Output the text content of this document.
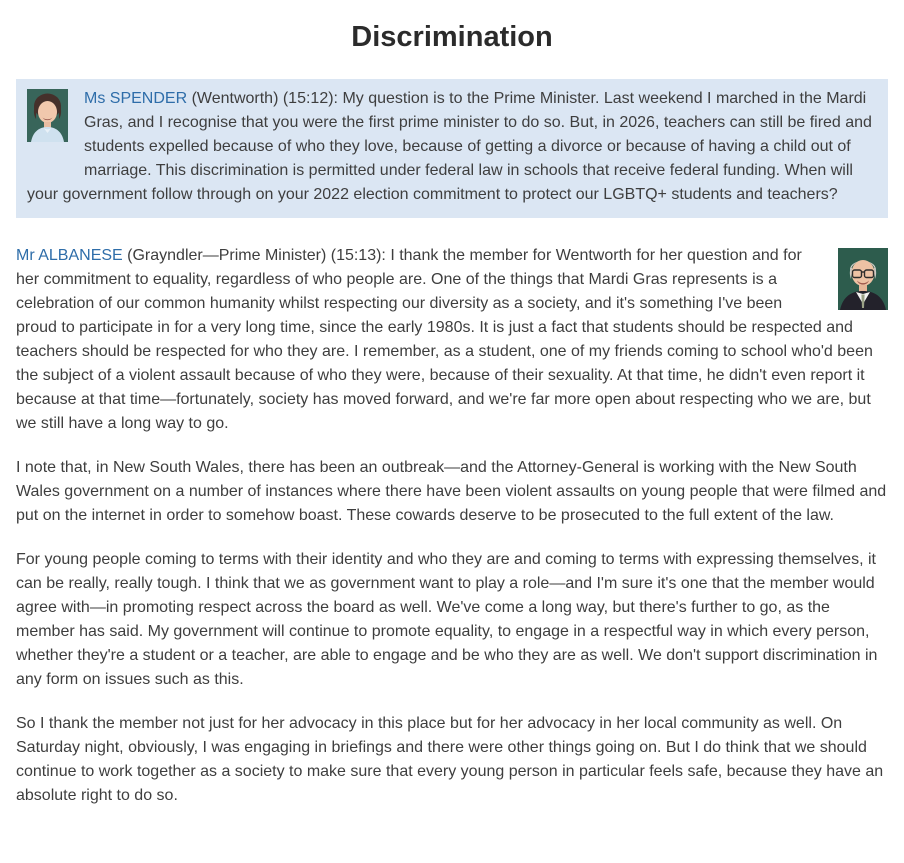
Discrimination

Ms SPENDER (Wentworth) (15:12): My question is to the Prime Minister. Last weekend I marched in the Mardi Gras, and I recognise that you were the first prime minister to do so. But, in 2026, teachers can still be fired and students expelled because of who they love, because of getting a divorce or because of having a child out of marriage. This discrimination is permitted under federal law in schools that receive federal funding. When will your government follow through on your 2022 election commitment to protect our LGBTQ+ students and teachers?

Mr ALBANESE (Grayndler—Prime Minister) (15:13): I thank the member for Wentworth for her question and for her commitment to equality, regardless of who people are. One of the things that Mardi Gras represents is a celebration of our common humanity whilst respecting our diversity as a society, and it's something I've been proud to participate in for a very long time, since the early 1980s. It is just a fact that students should be respected and teachers should be respected for who they are. I remember, as a student, one of my friends coming to school who'd been the subject of a violent assault because of who they were, because of their sexuality. At that time, he didn't even report it because at that time—fortunately, society has moved forward, and we're far more open about respecting who we are, but we still have a long way to go.

I note that, in New South Wales, there has been an outbreak—and the Attorney-General is working with the New South Wales government on a number of instances where there have been violent assaults on young people that were filmed and put on the internet in order to somehow boast. These cowards deserve to be prosecuted to the full extent of the law.

For young people coming to terms with their identity and who they are and coming to terms with expressing themselves, it can be really, really tough. I think that we as government want to play a role—and I'm sure it's one that the member would agree with—in promoting respect across the board as well. We've come a long way, but there's further to go, as the member has said. My government will continue to promote equality, to engage in a respectful way in which every person, whether they're a student or a teacher, are able to engage and be who they are as well. We don't support discrimination in any form on issues such as this.

So I thank the member not just for her advocacy in this place but for her advocacy in her local community as well. On Saturday night, obviously, I was engaging in briefings and there were other things going on. But I do think that we should continue to work together as a society to make sure that every young person in particular feels safe, because they have an absolute right to do so.
